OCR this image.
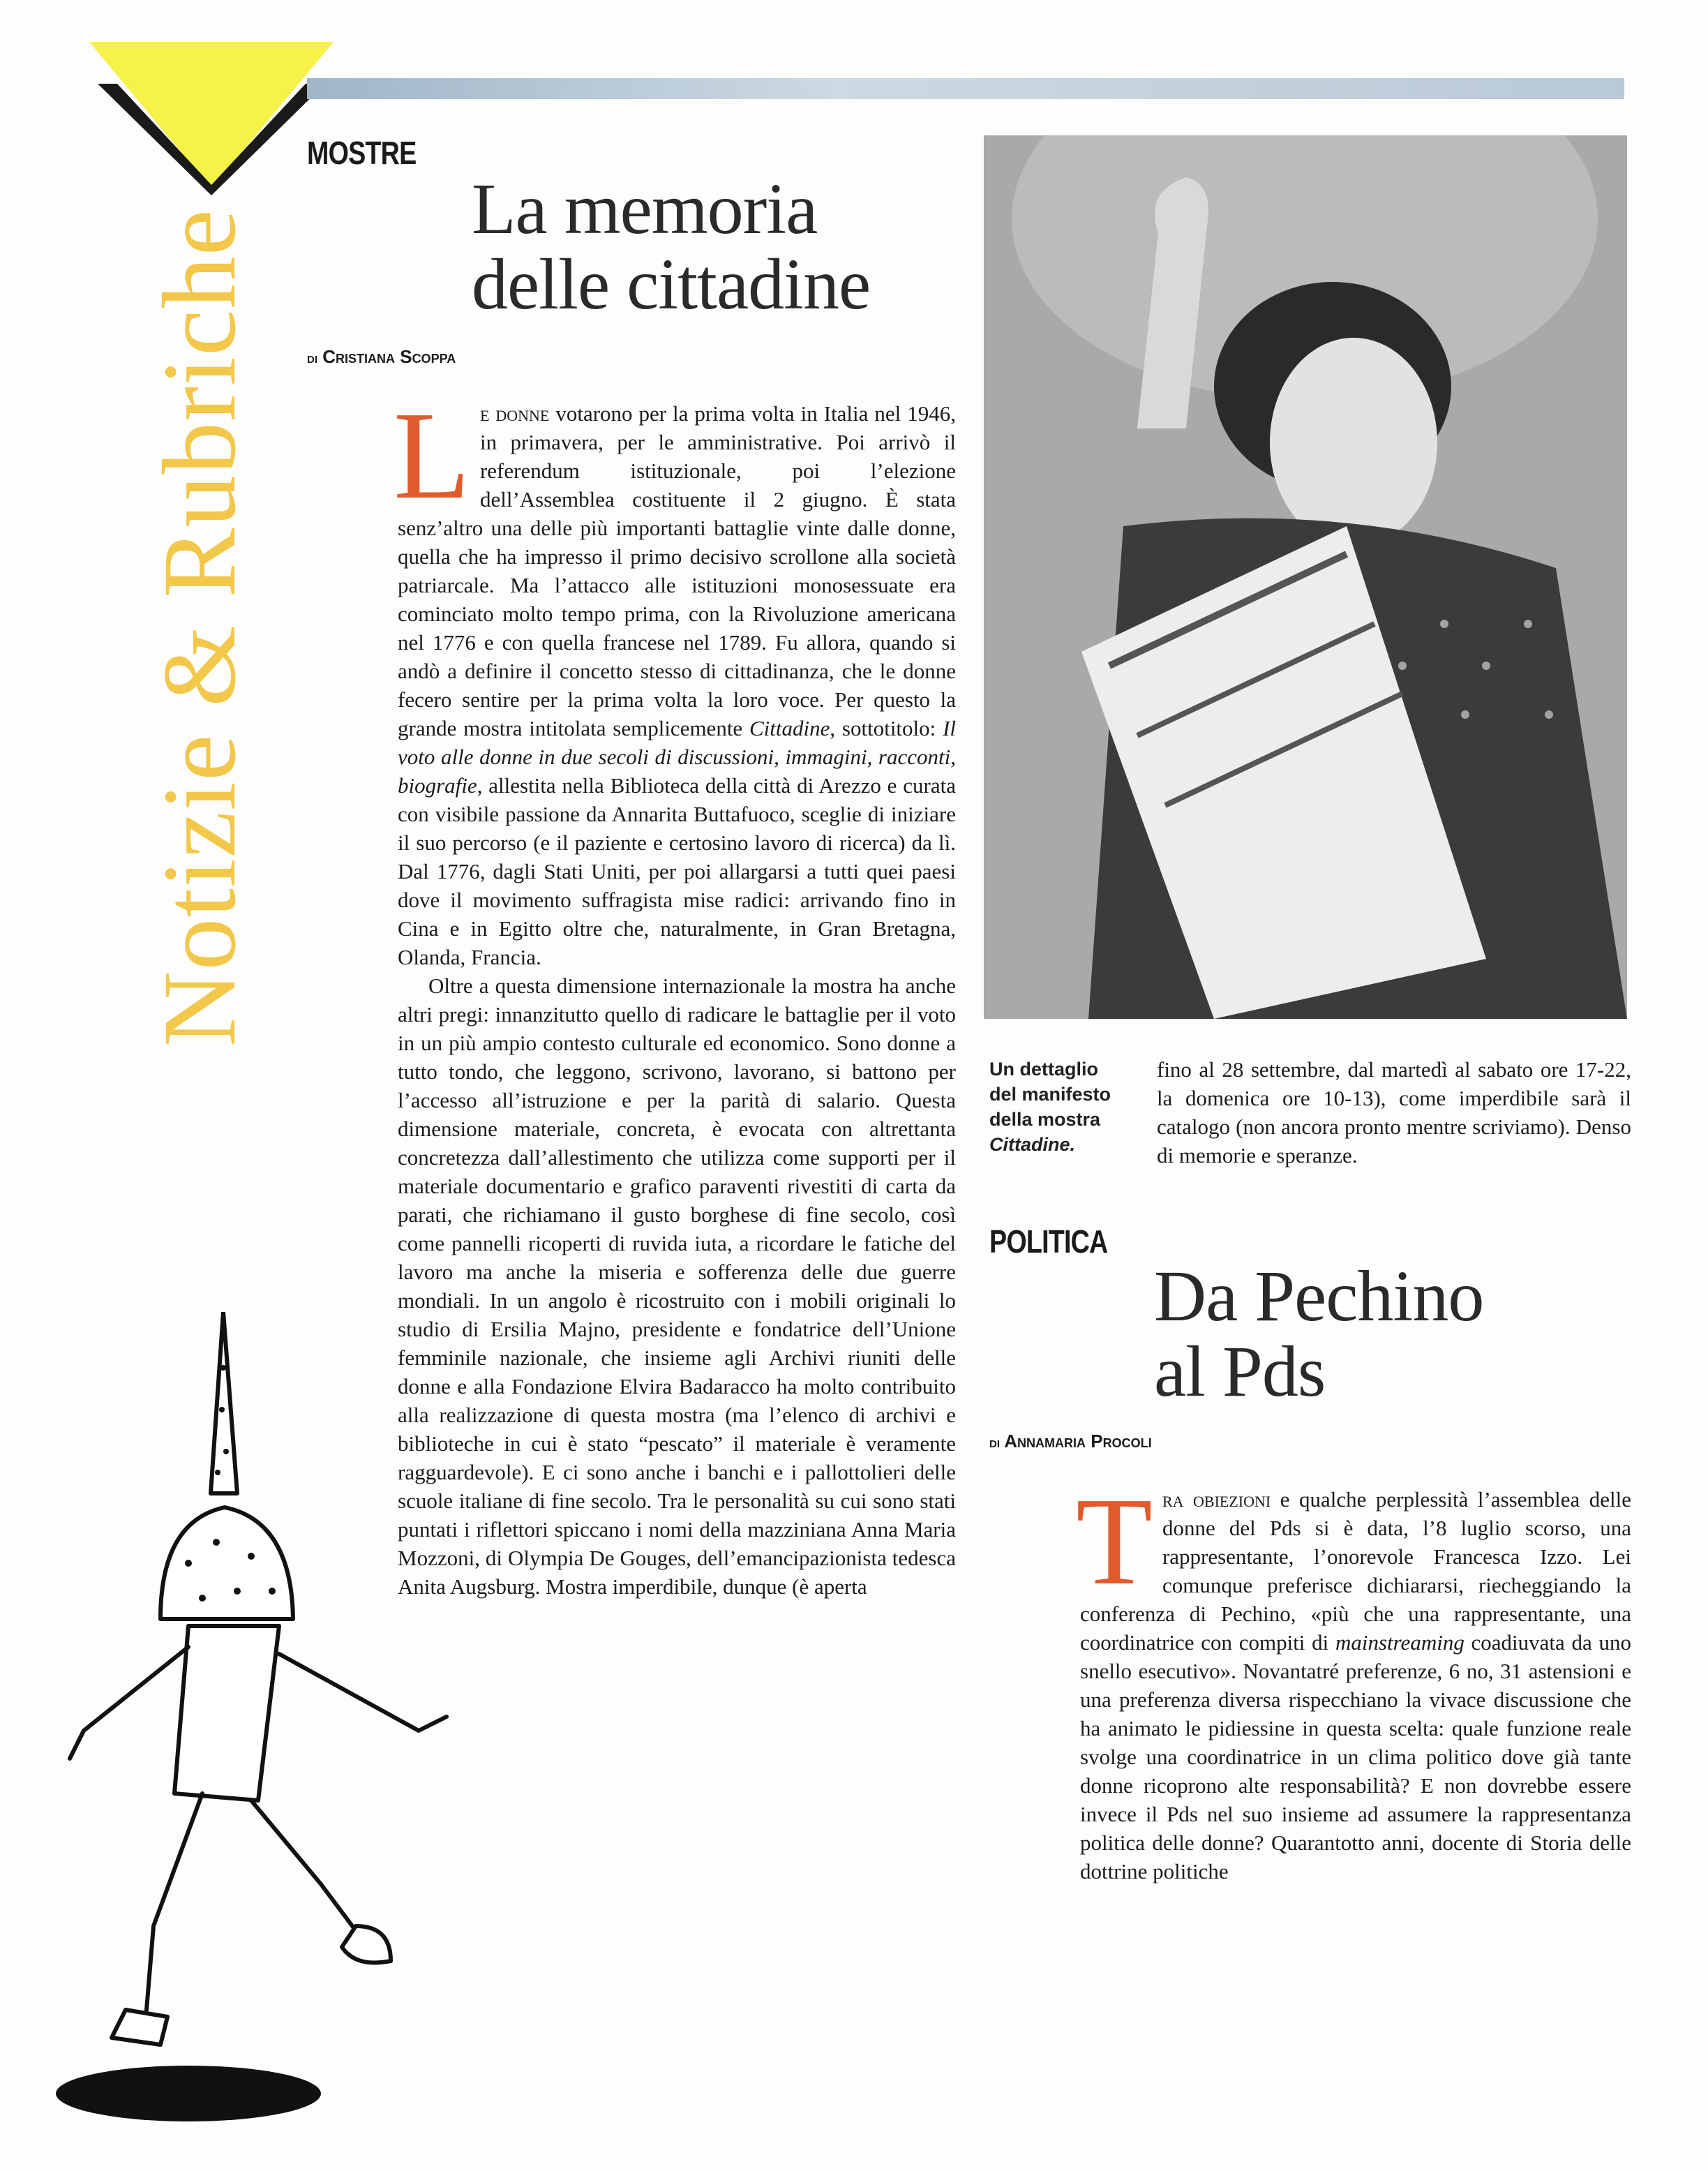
Notizie & Rubriche
MOSTRE
La memoria
delle cittadine
di Cristiana Scoppa

Le donne votarono per la prima volta in Italia nel 1946, in primavera, per le amministrative. Poi arrivò il referendum istituzionale, poi l’elezione dell’Assemblea costituente il 2 giugno. È stata senz’altro una delle più importanti battaglie vinte dalle donne, quella che ha impresso il primo decisivo scrollone alla società patriarcale. Ma l’attacco alle istituzioni monosessuate era cominciato molto tempo prima, con la Rivoluzione americana nel 1776 e con quella francese nel 1789. Fu allora, quando si andò a definire il concetto stesso di cittadinanza, che le donne fecero sentire per la prima volta la loro voce. Per questo la grande mostra intitolata semplicemente Cittadine, sottotitolo: Il voto alle donne in due secoli di discussioni, immagini, racconti, biografie, allestita nella Biblioteca della città di Arezzo e curata con visibile passione da Annarita Buttafuoco, sceglie di iniziare il suo percorso (e il paziente e certosino lavoro di ricerca) da lì. Dal 1776, dagli Stati Uniti, per poi allargarsi a tutti quei paesi dove il movimento suffragista mise radici: arrivando fino in Cina e in Egitto oltre che, naturalmente, in Gran Bretagna, Olanda, Francia.

Oltre a questa dimensione internazionale la mostra ha anche altri pregi: innanzitutto quello di radicare le battaglie per il voto in un più ampio contesto culturale ed economico. Sono donne a tutto tondo, che leggono, scrivono, lavorano, si battono per l’accesso all’istruzione e per la parità di salario. Questa dimensione materiale, concreta, è evocata con altrettanta concretezza dall’allestimento che utilizza come supporti per il materiale documentario e grafico paraventi rivestiti di carta da parati, che richiamano il gusto borghese di fine secolo, così come pannelli ricoperti di ruvida iuta, a ricordare le fatiche del lavoro ma anche la miseria e sofferenza delle due guerre mondiali. In un angolo è ricostruito con i mobili originali lo studio di Ersilia Majno, presidente e fondatrice dell’Unione femminile nazionale, che insieme agli Archivi riuniti delle donne e alla Fondazione Elvira Badaracco ha molto contribuito alla realizzazione di questa mostra (ma l’elenco di archivi e biblioteche in cui è stato “pescato” il materiale è veramente ragguardevole). E ci sono anche i banchi e i pallottolieri delle scuole italiane di fine secolo. Tra le personalità su cui sono stati puntati i riflettori spiccano i nomi della mazziniana Anna Maria Mozzoni, di Olympia De Gouges, dell’emancipazionista tedesca Anita Augsburg. Mostra imperdibile, dunque (è aperta

Un dettaglio
del manifesto
della mostra
Cittadine.

fino al 28 settembre, dal martedì al sabato ore 17-22, la domenica ore 10-13), come imperdibile sarà il catalogo (non ancora pronto mentre scriviamo). Denso di memorie e speranze.

POLITICA
Da Pechino
al Pds
di Annamaria Procoli

Tra obiezioni e qualche perplessità l’assemblea delle donne del Pds si è data, l’8 luglio scorso, una rappresentante, l’onorevole Francesca Izzo. Lei comunque preferisce dichiararsi, riecheggiando la conferenza di Pechino, «più che una rappresentante, una coordinatrice con compiti di mainstreaming coadiuvata da uno snello esecutivo». Novantatré preferenze, 6 no, 31 astensioni e una preferenza diversa rispecchiano la vivace discussione che ha animato le pidiessine in questa scelta: quale funzione reale svolge una coordinatrice in un clima politico dove già tante donne ricoprono alte responsabilità? E non dovrebbe essere invece il Pds nel suo insieme ad assumere la rappresentanza politica delle donne? Quarantotto anni, docente di Storia delle dottrine politiche
